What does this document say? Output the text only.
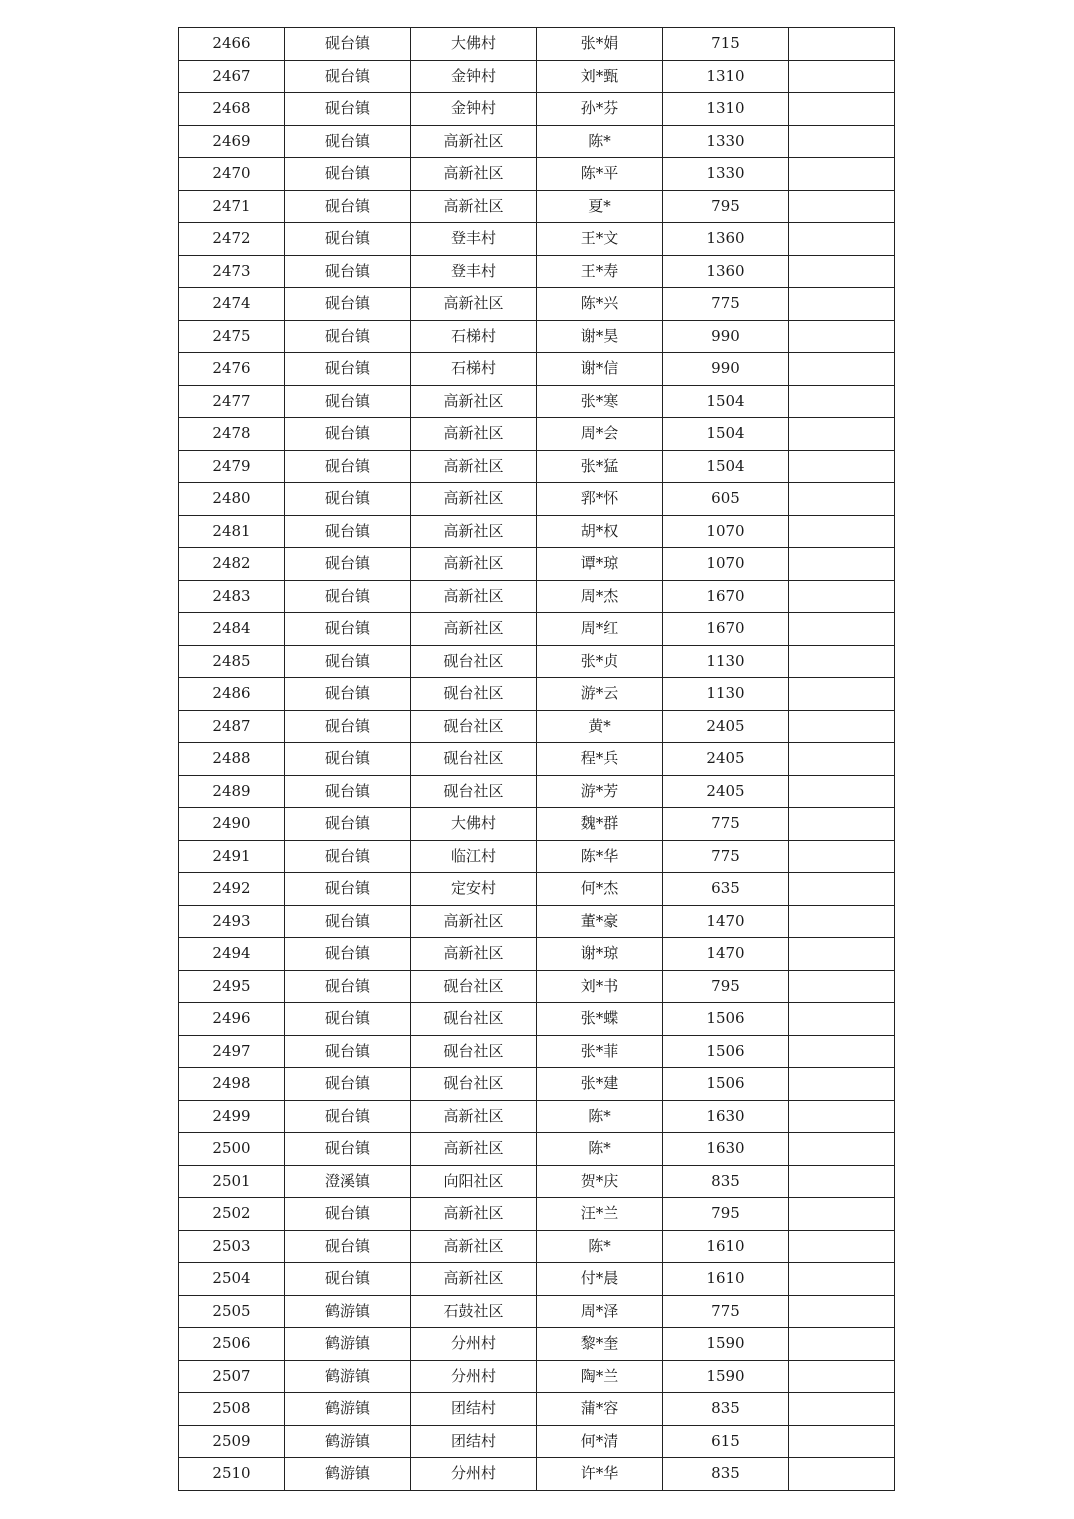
2466	砚台镇	大佛村	张*娟	715	
2467	砚台镇	金钟村	刘*甄	1310	
2468	砚台镇	金钟村	孙*芬	1310	
2469	砚台镇	高新社区	陈*	1330	
2470	砚台镇	高新社区	陈*平	1330	
2471	砚台镇	高新社区	夏*	795	
2472	砚台镇	登丰村	王*文	1360	
2473	砚台镇	登丰村	王*寿	1360	
2474	砚台镇	高新社区	陈*兴	775	
2475	砚台镇	石梯村	谢*昊	990	
2476	砚台镇	石梯村	谢*信	990	
2477	砚台镇	高新社区	张*寒	1504	
2478	砚台镇	高新社区	周*会	1504	
2479	砚台镇	高新社区	张*猛	1504	
2480	砚台镇	高新社区	郛*怀	605	
2481	砚台镇	高新社区	胡*权	1070	
2482	砚台镇	高新社区	谭*琼	1070	
2483	砚台镇	高新社区	周*杰	1670	
2484	砚台镇	高新社区	周*红	1670	
2485	砚台镇	砚台社区	张*贞	1130	
2486	砚台镇	砚台社区	游*云	1130	
2487	砚台镇	砚台社区	黄*	2405	
2488	砚台镇	砚台社区	程*兵	2405	
2489	砚台镇	砚台社区	游*芳	2405	
2490	砚台镇	大佛村	魏*群	775	
2491	砚台镇	临江村	陈*华	775	
2492	砚台镇	定安村	何*杰	635	
2493	砚台镇	高新社区	董*豪	1470	
2494	砚台镇	高新社区	谢*琼	1470	
2495	砚台镇	砚台社区	刘*书	795	
2496	砚台镇	砚台社区	张*蝶	1506	
2497	砚台镇	砚台社区	张*菲	1506	
2498	砚台镇	砚台社区	张*建	1506	
2499	砚台镇	高新社区	陈*	1630	
2500	砚台镇	高新社区	陈*	1630	
2501	澄溪镇	向阳社区	贺*庆	835	
2502	砚台镇	高新社区	汪*兰	795	
2503	砚台镇	高新社区	陈*	1610	
2504	砚台镇	高新社区	付*晨	1610	
2505	鹤游镇	石鼓社区	周*泽	775	
2506	鹤游镇	分州村	黎*奎	1590	
2507	鹤游镇	分州村	陶*兰	1590	
2508	鹤游镇	团结村	蒲*容	835	
2509	鹤游镇	团结村	何*清	615	
2510	鹤游镇	分州村	许*华	835	
